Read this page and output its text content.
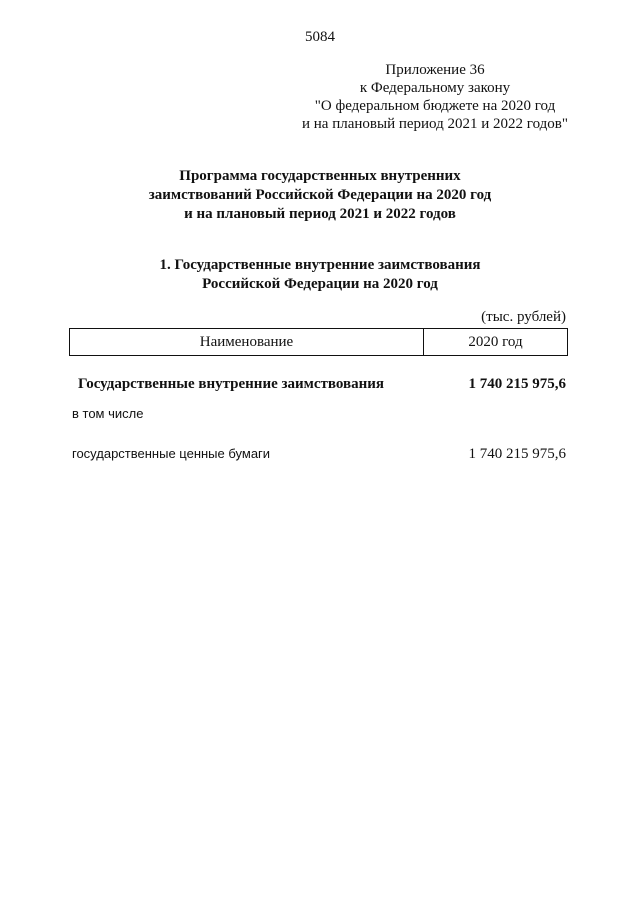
5084
Приложение 36
к Федеральному закону
"О федеральном бюджете на 2020 год
и на плановый период 2021 и 2022 годов"
Программа государственных внутренних
заимствований Российской Федерации на 2020 год
и на плановый период 2021 и 2022 годов
1. Государственные внутренние заимствования
Российской Федерации на 2020 год
(тыс. рублей)
Наименование	2020 год
Государственные внутренние заимствования	1 740 215 975,6
в том числе
государственные ценные бумаги	1 740 215 975,6
